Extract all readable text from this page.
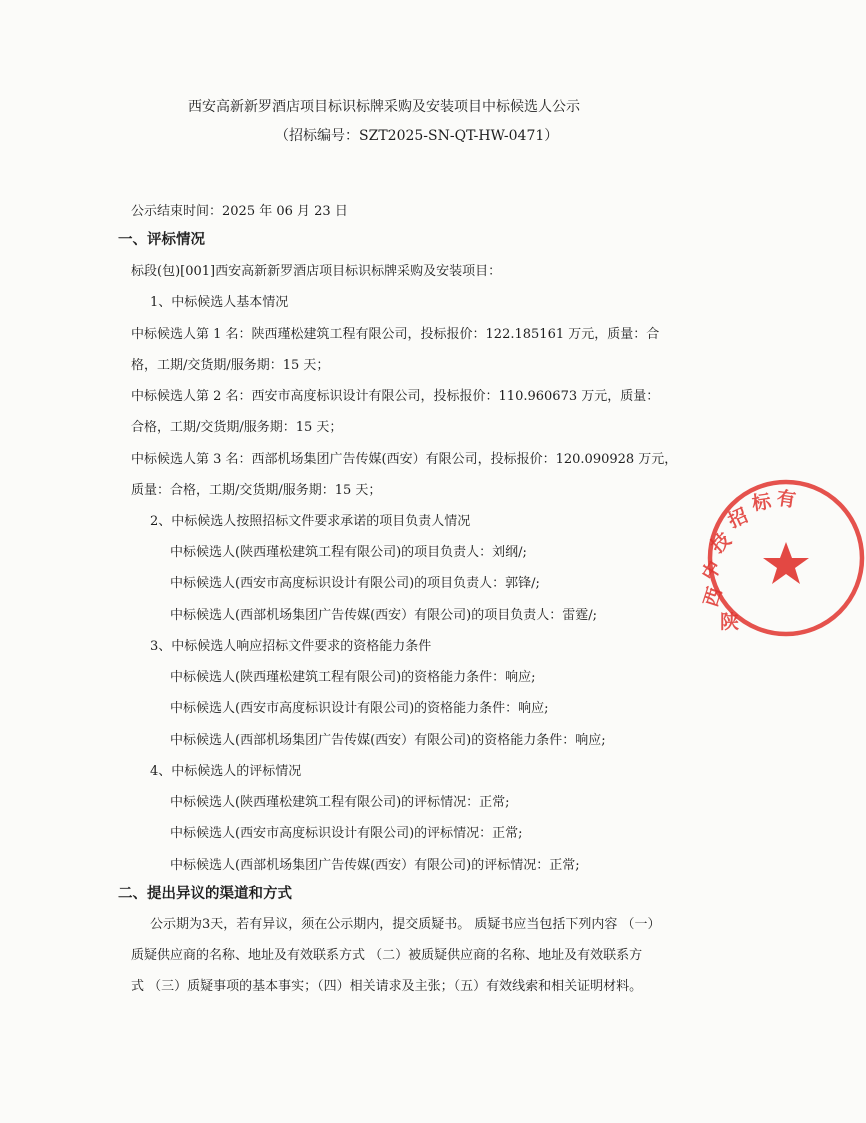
西安高新新罗酒店项目标识标牌采购及安装项目中标候选人公示
（招标编号：SZT2025-SN-QT-HW-0471）
公示结束时间：2025 年 06 月 23 日
一、评标情况
标段(包)[001]西安高新新罗酒店项目标识标牌采购及安装项目：
1、中标候选人基本情况
中标候选人第 1 名：陕西瑾松建筑工程有限公司，投标报价：122.185161 万元，质量：合
格，工期/交货期/服务期：15 天；
中标候选人第 2 名：西安市高度标识设计有限公司，投标报价：110.960673 万元，质量：
合格，工期/交货期/服务期：15 天；
中标候选人第 3 名：西部机场集团广告传媒(西安）有限公司，投标报价：120.090928 万元，
质量：合格，工期/交货期/服务期：15 天；
2、中标候选人按照招标文件要求承诺的项目负责人情况
中标候选人(陕西瑾松建筑工程有限公司)的项目负责人：刘纲/;
中标候选人(西安市高度标识设计有限公司)的项目负责人：郭锋/;
中标候选人(西部机场集团广告传媒(西安）有限公司)的项目负责人：雷霆/;
3、中标候选人响应招标文件要求的资格能力条件
中标候选人(陕西瑾松建筑工程有限公司)的资格能力条件：响应;
中标候选人(西安市高度标识设计有限公司)的资格能力条件：响应;
中标候选人(西部机场集团广告传媒(西安）有限公司)的资格能力条件：响应;
4、中标候选人的评标情况
中标候选人(陕西瑾松建筑工程有限公司)的评标情况：正常;
中标候选人(西安市高度标识设计有限公司)的评标情况：正常;
中标候选人(西部机场集团广告传媒(西安）有限公司)的评标情况：正常;
二、提出异议的渠道和方式
公示期为3天，若有异议，须在公示期内，提交质疑书。 质疑书应当包括下列内容 （一）
质疑供应商的名称、地址及有效联系方式 （二）被质疑供应商的名称、地址及有效联系方
式 （三）质疑事项的基本事实；（四）相关请求及主张；（五）有效线索和相关证明材料。
陕
西
中
技
招
标 有
